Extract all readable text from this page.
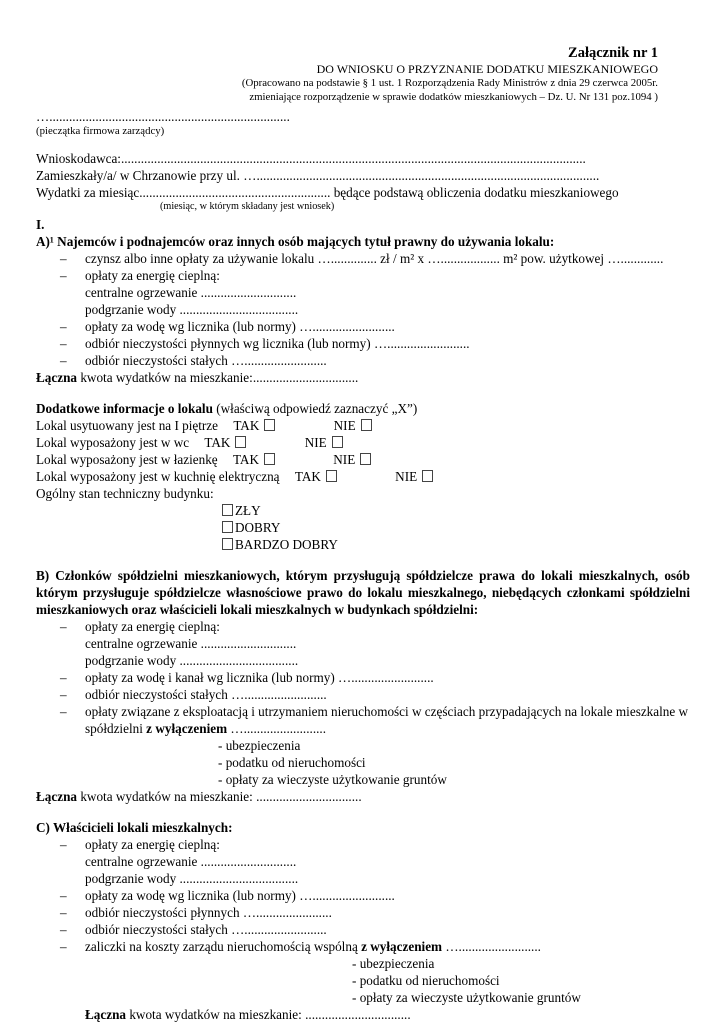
Załącznik nr 1
DO WNIOSKU O PRZYZNANIE DODATKU MIESZKANIOWEGO
(Opracowano na podstawie § 1 ust. 1 Rozporządzenia Rady Ministrów z dnia 29 czerwca 2005r.
zmieniające rozporządzenie w sprawie dodatków mieszkaniowych – Dz. U. Nr 131 poz.1094 )
….........................................................................
(pieczątka firmowa zarządcy)
Wnioskodawca:.............................................................................................................................................
Zamieszkały/a/ w Chrzanowie przy ul. …........................................................................................................
Wydatki za miesiąc.......................................................... będące podstawą obliczenia dodatku mieszkaniowego
(miesiąc, w którym składany jest wniosek)
I.
A)¹ Najemców i podnajemców oraz innych osób mających tytuł prawny do używania lokalu:
–	czynsz albo inne opłaty za używanie lokalu ….............. zł / m² x ….................. m² pow. użytkowej ….............
–	opłaty za energię cieplną:
centralne ogrzewanie .............................
podgrzanie wody ....................................
–	opłaty za wodę wg licznika (lub normy) ….........................
–	odbiór nieczystości płynnych wg licznika (lub normy) ….........................
–	odbiór nieczystości stałych ….........................
Łączna kwota wydatków na mieszkanie:................................
Dodatkowe informacje o lokalu (właściwą odpowiedź zaznaczyć „X”)
Lokal usytuowany jest na I piętrze TAK	NIE
Lokal wyposażony jest w wc TAK	NIE
Lokal wyposażony jest w łazienkę TAK	NIE
Lokal wyposażony jest w kuchnię elektryczną TAK	NIE
Ogólny stan techniczny budynku:
ZŁY
DOBRY
BARDZO DOBRY
B) Członków spółdzielni mieszkaniowych, którym przysługują spółdzielcze prawa do lokali mieszkalnych, osób którym przysługuje spółdzielcze własnościowe prawo do lokalu mieszkalnego, niebędących członkami spółdzielni mieszkaniowych oraz właścicieli lokali mieszkalnych w budynkach spółdzielni:
–	opłaty za energię cieplną:
centralne ogrzewanie .............................
podgrzanie wody ....................................
–	opłaty za wodę i kanał wg licznika (lub normy) ….........................
–	odbiór nieczystości stałych ….........................
–	opłaty związane z eksploatacją i utrzymaniem nieruchomości w częściach przypadających na lokale mieszkalne w spółdzielni z wyłączeniem ….........................
- ubezpieczenia
- podatku od nieruchomości
- opłaty za wieczyste użytkowanie gruntów
Łączna kwota wydatków na mieszkanie: ................................
C) Właścicieli lokali mieszkalnych:
–	opłaty za energię cieplną:
centralne ogrzewanie .............................
podgrzanie wody ....................................
–	opłaty za wodę wg licznika (lub normy) ….........................
–	odbiór nieczystości płynnych ….......................
–	odbiór nieczystości stałych ….........................
–	zaliczki na koszty zarządu nieruchomością wspólną z wyłączeniem ….........................
- ubezpieczenia
- podatku od nieruchomości
- opłaty za wieczyste użytkowanie gruntów
Łączna kwota wydatków na mieszkanie: ................................
